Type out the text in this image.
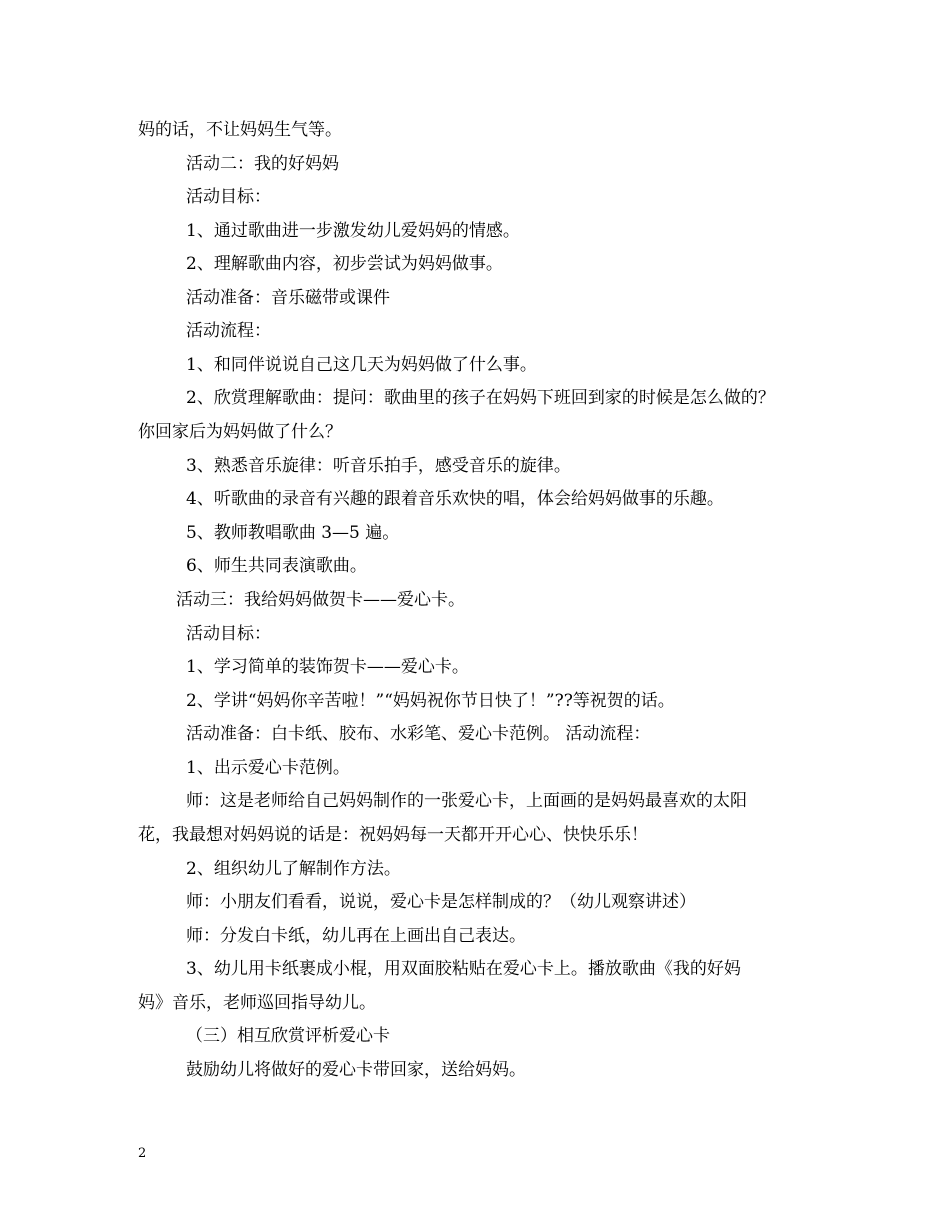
妈的话，不让妈妈生气等。
活动二：我的好妈妈
活动目标：
1、通过歌曲进一步激发幼儿爱妈妈的情感。
2、理解歌曲内容，初步尝试为妈妈做事。
活动准备：音乐磁带或课件
活动流程：
1、和同伴说说自己这几天为妈妈做了什么事。
2、欣赏理解歌曲：提问：歌曲里的孩子在妈妈下班回到家的时候是怎么做的？
你回家后为妈妈做了什么？
3、熟悉音乐旋律：听音乐拍手，感受音乐的旋律。
4、听歌曲的录音有兴趣的跟着音乐欢快的唱，体会给妈妈做事的乐趣。
5、教师教唱歌曲 3—5 遍。
6、师生共同表演歌曲。
活动三：我给妈妈做贺卡——爱心卡。
活动目标：
1、学习简单的装饰贺卡——爱心卡。
2、学讲“妈妈你辛苦啦！”“妈妈祝你节日快了！”??等祝贺的话。
活动准备：白卡纸、胶布、水彩笔、爱心卡范例。 活动流程：
1、出示爱心卡范例。
师：这是老师给自己妈妈制作的一张爱心卡，上面画的是妈妈最喜欢的太阳
花，我最想对妈妈说的话是：祝妈妈每一天都开开心心、快快乐乐！
2、组织幼儿了解制作方法。
师：小朋友们看看，说说，爱心卡是怎样制成的？（幼儿观察讲述）
师：分发白卡纸，幼儿再在上画出自己表达。
3、幼儿用卡纸裹成小棍，用双面胶粘贴在爱心卡上。播放歌曲《我的好妈
妈》音乐，老师巡回指导幼儿。
（三）相互欣赏评析爱心卡
鼓励幼儿将做好的爱心卡带回家，送给妈妈。
2
